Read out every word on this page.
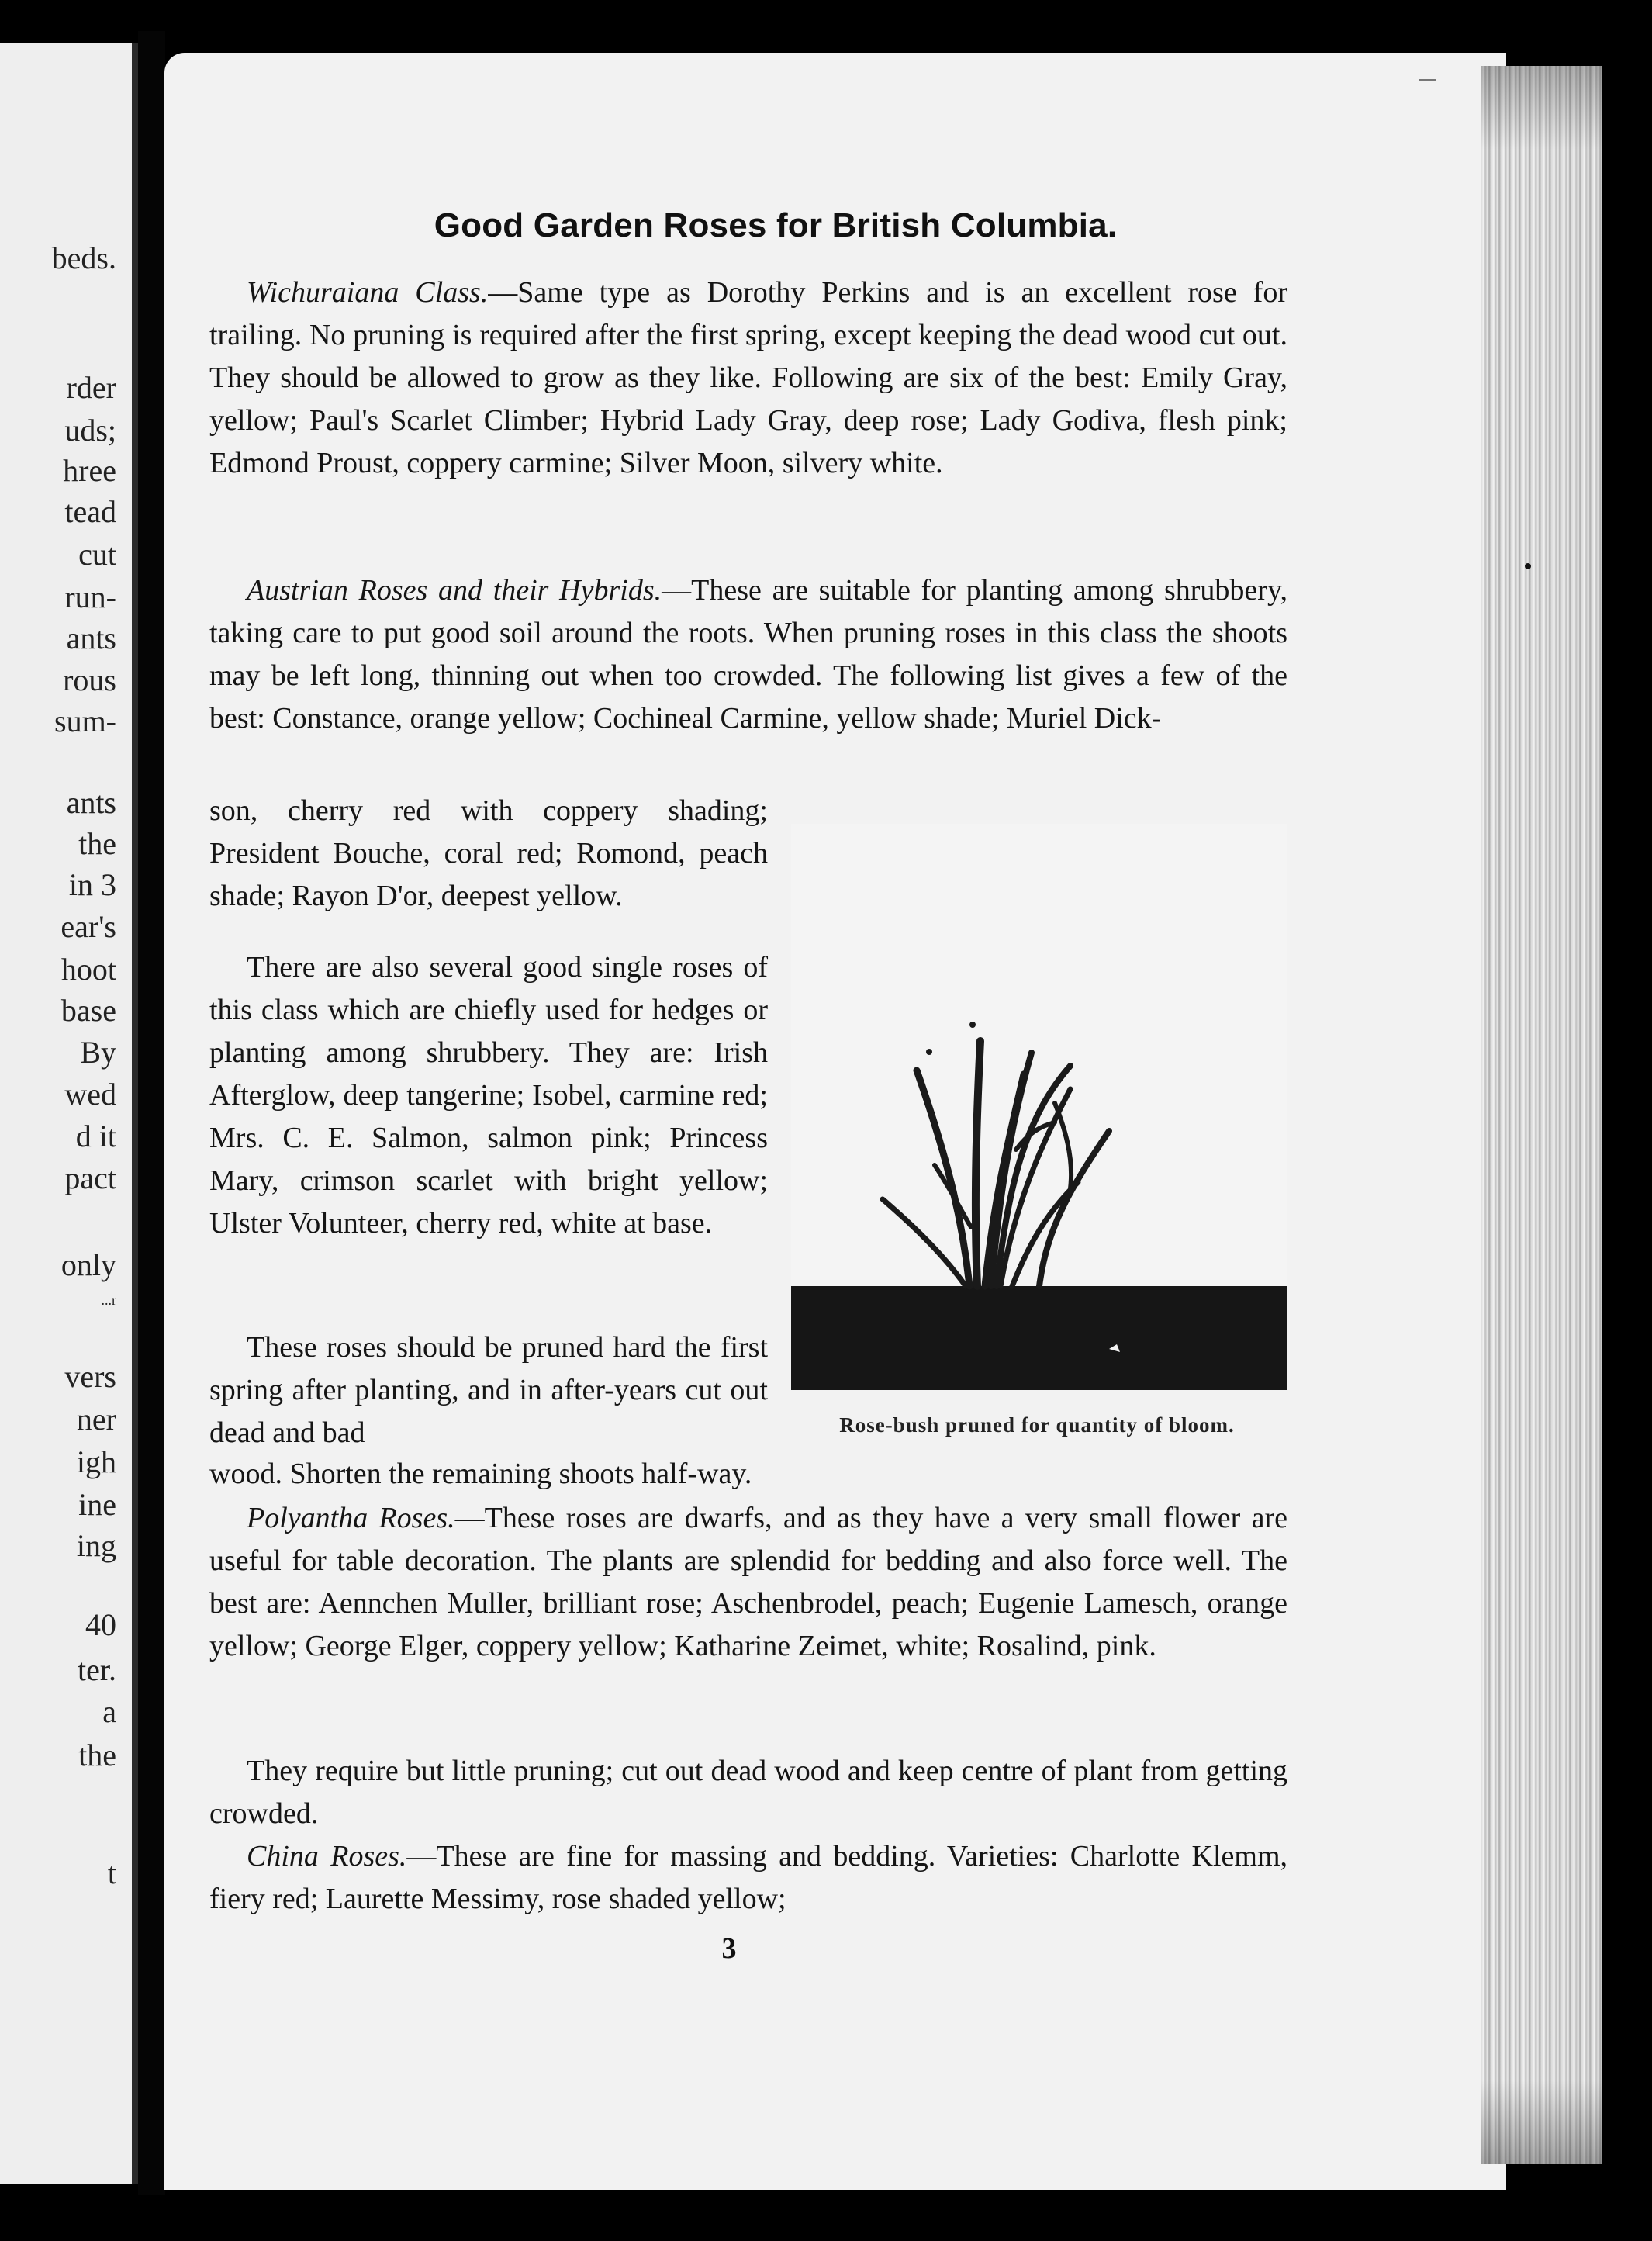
beds.
rder
uds;
hree
tead
cut
run-
ants
rous
sum-
ants
the
in 3
ear's
hoot
base
By
wed
d it
pact
only
...r
vers
ner
igh
ine
ing
40
ter.
a
the
t
Good Garden Roses for British Columbia.

Wichuraiana Class.—Same type as Dorothy Perkins and is an excellent rose for trailing. No pruning is required after the first spring, except keeping the dead wood cut out. They should be allowed to grow as they like. Following are six of the best: Emily Gray, yellow; Paul's Scarlet Climber; Hybrid Lady Gray, deep rose; Lady Godiva, flesh pink; Edmond Proust, coppery carmine; Silver Moon, silvery white.

Austrian Roses and their Hybrids.—These are suitable for planting among shrubbery, taking care to put good soil around the roots. When pruning roses in this class the shoots may be left long, thinning out when too crowded. The following list gives a few of the best: Constance, orange yellow; Cochineal Carmine, yellow shade; Muriel Dick-

son, cherry red with coppery shading; President Bouche, coral red; Romond, peach shade; Rayon D'or, deepest yellow.

There are also several good single roses of this class which are chiefly used for hedges or planting among shrubbery. They are: Irish Afterglow, deep tangerine; Isobel, carmine red; Mrs. C. E. Salmon, salmon pink; Princess Mary, crimson scarlet with bright yellow; Ulster Volunteer, cherry red, white at base.

These roses should be pruned hard the first spring after planting, and in after-years cut out dead and bad

wood. Shorten the remaining shoots half-way.

Polyantha Roses.—These roses are dwarfs, and as they have a very small flower are useful for table decoration. The plants are splendid for bedding and also force well. The best are: Aennchen Muller, brilliant rose; Aschenbrodel, peach; Eugenie Lamesch, orange yellow; George Elger, coppery yellow; Katharine Zeimet, white; Rosalind, pink.

They require but little pruning; cut out dead wood and keep centre of plant from getting crowded.

China Roses.—These are fine for massing and bedding. Varieties: Charlotte Klemm, fiery red; Laurette Messimy, rose shaded yellow;

Rose-bush pruned for quantity of bloom.
3
